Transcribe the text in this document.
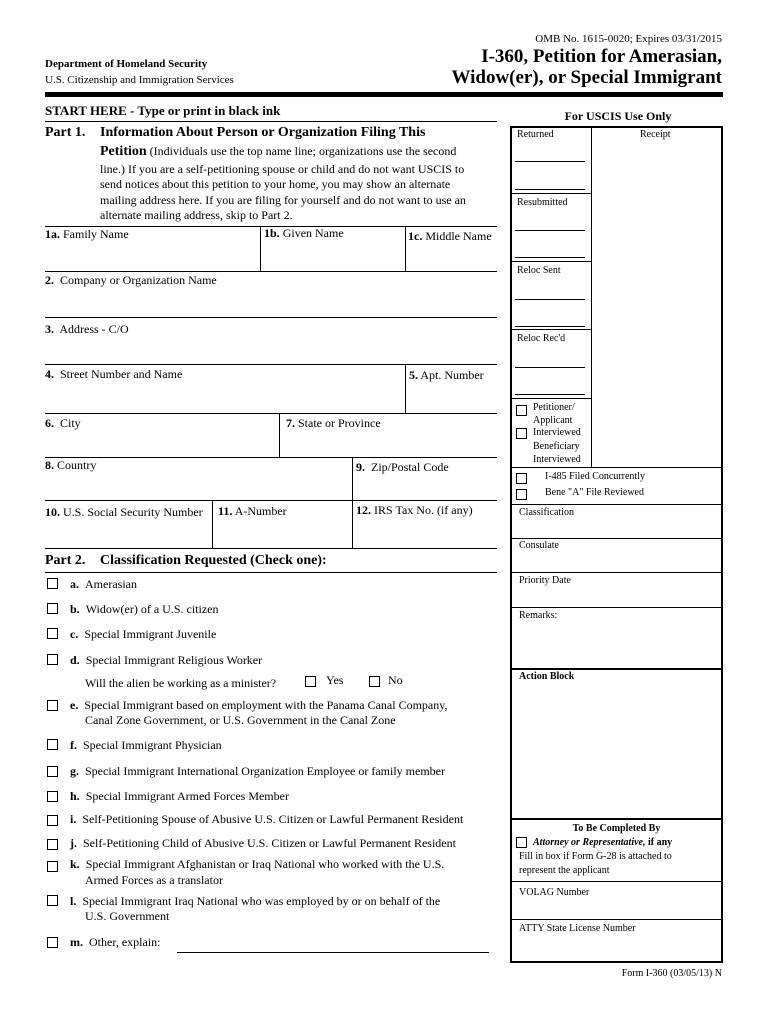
Department of Homeland Security
U.S. Citizenship and Immigration Services
OMB No. 1615-0020; Expires 03/31/2015
I-360, Petition for Amerasian,
Widow(er), or Special Immigrant
START HERE - Type or print in black ink
Part 1. Information About Person or Organization Filing This
Petition (Individuals use the top name line; organizations use the second
line.) If you are a self-petitioning spouse or child and do not want USCIS to
send notices about this petition to your home, you may show an alternate
mailing address here. If you are filing for yourself and do not want to use an
alternate mailing address, skip to Part 2.
1a. Family Name	1b. Given Name	1c. Middle Name
2. Company or Organization Name
3. Address - C/O
4. Street Number and Name	5. Apt. Number
6. City	7. State or Province
8. Country	9. Zip/Postal Code
10. U.S. Social Security Number	11. A-Number	12. IRS Tax No. (if any)
Part 2. Classification Requested (Check one):
a. Amerasian
b. Widow(er) of a U.S. citizen
c. Special Immigrant Juvenile
d. Special Immigrant Religious Worker
Will the alien be working as a minister?	Yes	No
e. Special Immigrant based on employment with the Panama Canal Company,
Canal Zone Government, or U.S. Government in the Canal Zone
f. Special Immigrant Physician
g. Special Immigrant International Organization Employee or family member
h. Special Immigrant Armed Forces Member
i. Self-Petitioning Spouse of Abusive U.S. Citizen or Lawful Permanent Resident
j. Self-Petitioning Child of Abusive U.S. Citizen or Lawful Permanent Resident
k. Special Immigrant Afghanistan or Iraq National who worked with the U.S.
Armed Forces as a translator
l. Special Immigrant Iraq National who was employed by or on behalf of the
U.S. Government
m. Other, explain:
For USCIS Use Only
Returned	Receipt
Resubmitted
Reloc Sent
Reloc Rec'd
Petitioner/
Applicant
Interviewed
Beneficiary
Interviewed
I-485 Filed Concurrently
Bene "A" File Reviewed
Classification
Consulate
Priority Date
Remarks:
Action Block
To Be Completed By
Attorney or Representative, if any
Fill in box if Form G-28 is attached to
represent the applicant
VOLAG Number
ATTY State License Number
Form I-360 (03/05/13) N
